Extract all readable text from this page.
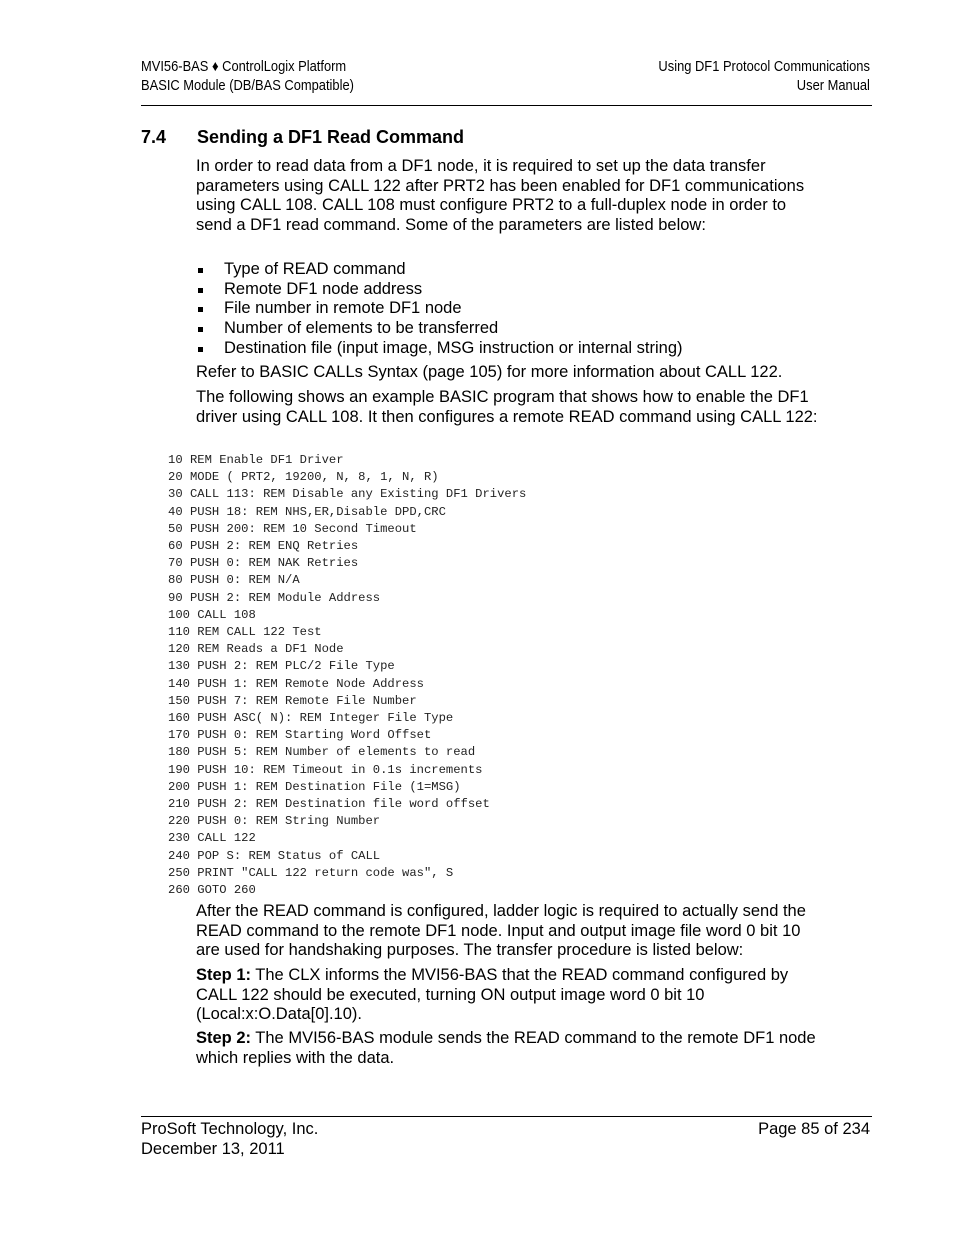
MVI56-BAS ♦ ControlLogix Platform
BASIC Module (DB/BAS Compatible)
Using DF1 Protocol Communications
User Manual
7.4 Sending a DF1 Read Command
In order to read data from a DF1 node, it is required to set up the data transfer parameters using CALL 122 after PRT2 has been enabled for DF1 communications using CALL 108. CALL 108 must configure PRT2 to a full-duplex node in order to send a DF1 read command. Some of the parameters are listed below:
Type of READ command
Remote DF1 node address
File number in remote DF1 node
Number of elements to be transferred
Destination file (input image, MSG instruction or internal string)
Refer to BASIC CALLs Syntax (page 105) for more information about CALL 122.
The following shows an example BASIC program that shows how to enable the DF1 driver using CALL 108. It then configures a remote READ command using CALL 122:
10 REM Enable DF1 Driver
20 MODE ( PRT2, 19200, N, 8, 1, N, R)
30 CALL 113: REM Disable any Existing DF1 Drivers
40 PUSH 18: REM NHS,ER,Disable DPD,CRC
50 PUSH 200: REM 10 Second Timeout
60 PUSH 2: REM ENQ Retries
70 PUSH 0: REM NAK Retries
80 PUSH 0: REM N/A
90 PUSH 2: REM Module Address
100 CALL 108
110 REM CALL 122 Test
120 REM Reads a DF1 Node
130 PUSH 2: REM PLC/2 File Type
140 PUSH 1: REM Remote Node Address
150 PUSH 7: REM Remote File Number
160 PUSH ASC( N): REM Integer File Type
170 PUSH 0: REM Starting Word Offset
180 PUSH 5: REM Number of elements to read
190 PUSH 10: REM Timeout in 0.1s increments
200 PUSH 1: REM Destination File (1=MSG)
210 PUSH 2: REM Destination file word offset
220 PUSH 0: REM String Number
230 CALL 122
240 POP S: REM Status of CALL
250 PRINT "CALL 122 return code was", S
260 GOTO 260
After the READ command is configured, ladder logic is required to actually send the READ command to the remote DF1 node. Input and output image file word 0 bit 10 are used for handshaking purposes. The transfer procedure is listed below:
Step 1: The CLX informs the MVI56-BAS that the READ command configured by CALL 122 should be executed, turning ON output image word 0 bit 10 (Local:x:O.Data[0].10).
Step 2: The MVI56-BAS module sends the READ command to the remote DF1 node which replies with the data.
ProSoft Technology, Inc.
December 13, 2011
Page 85 of 234
